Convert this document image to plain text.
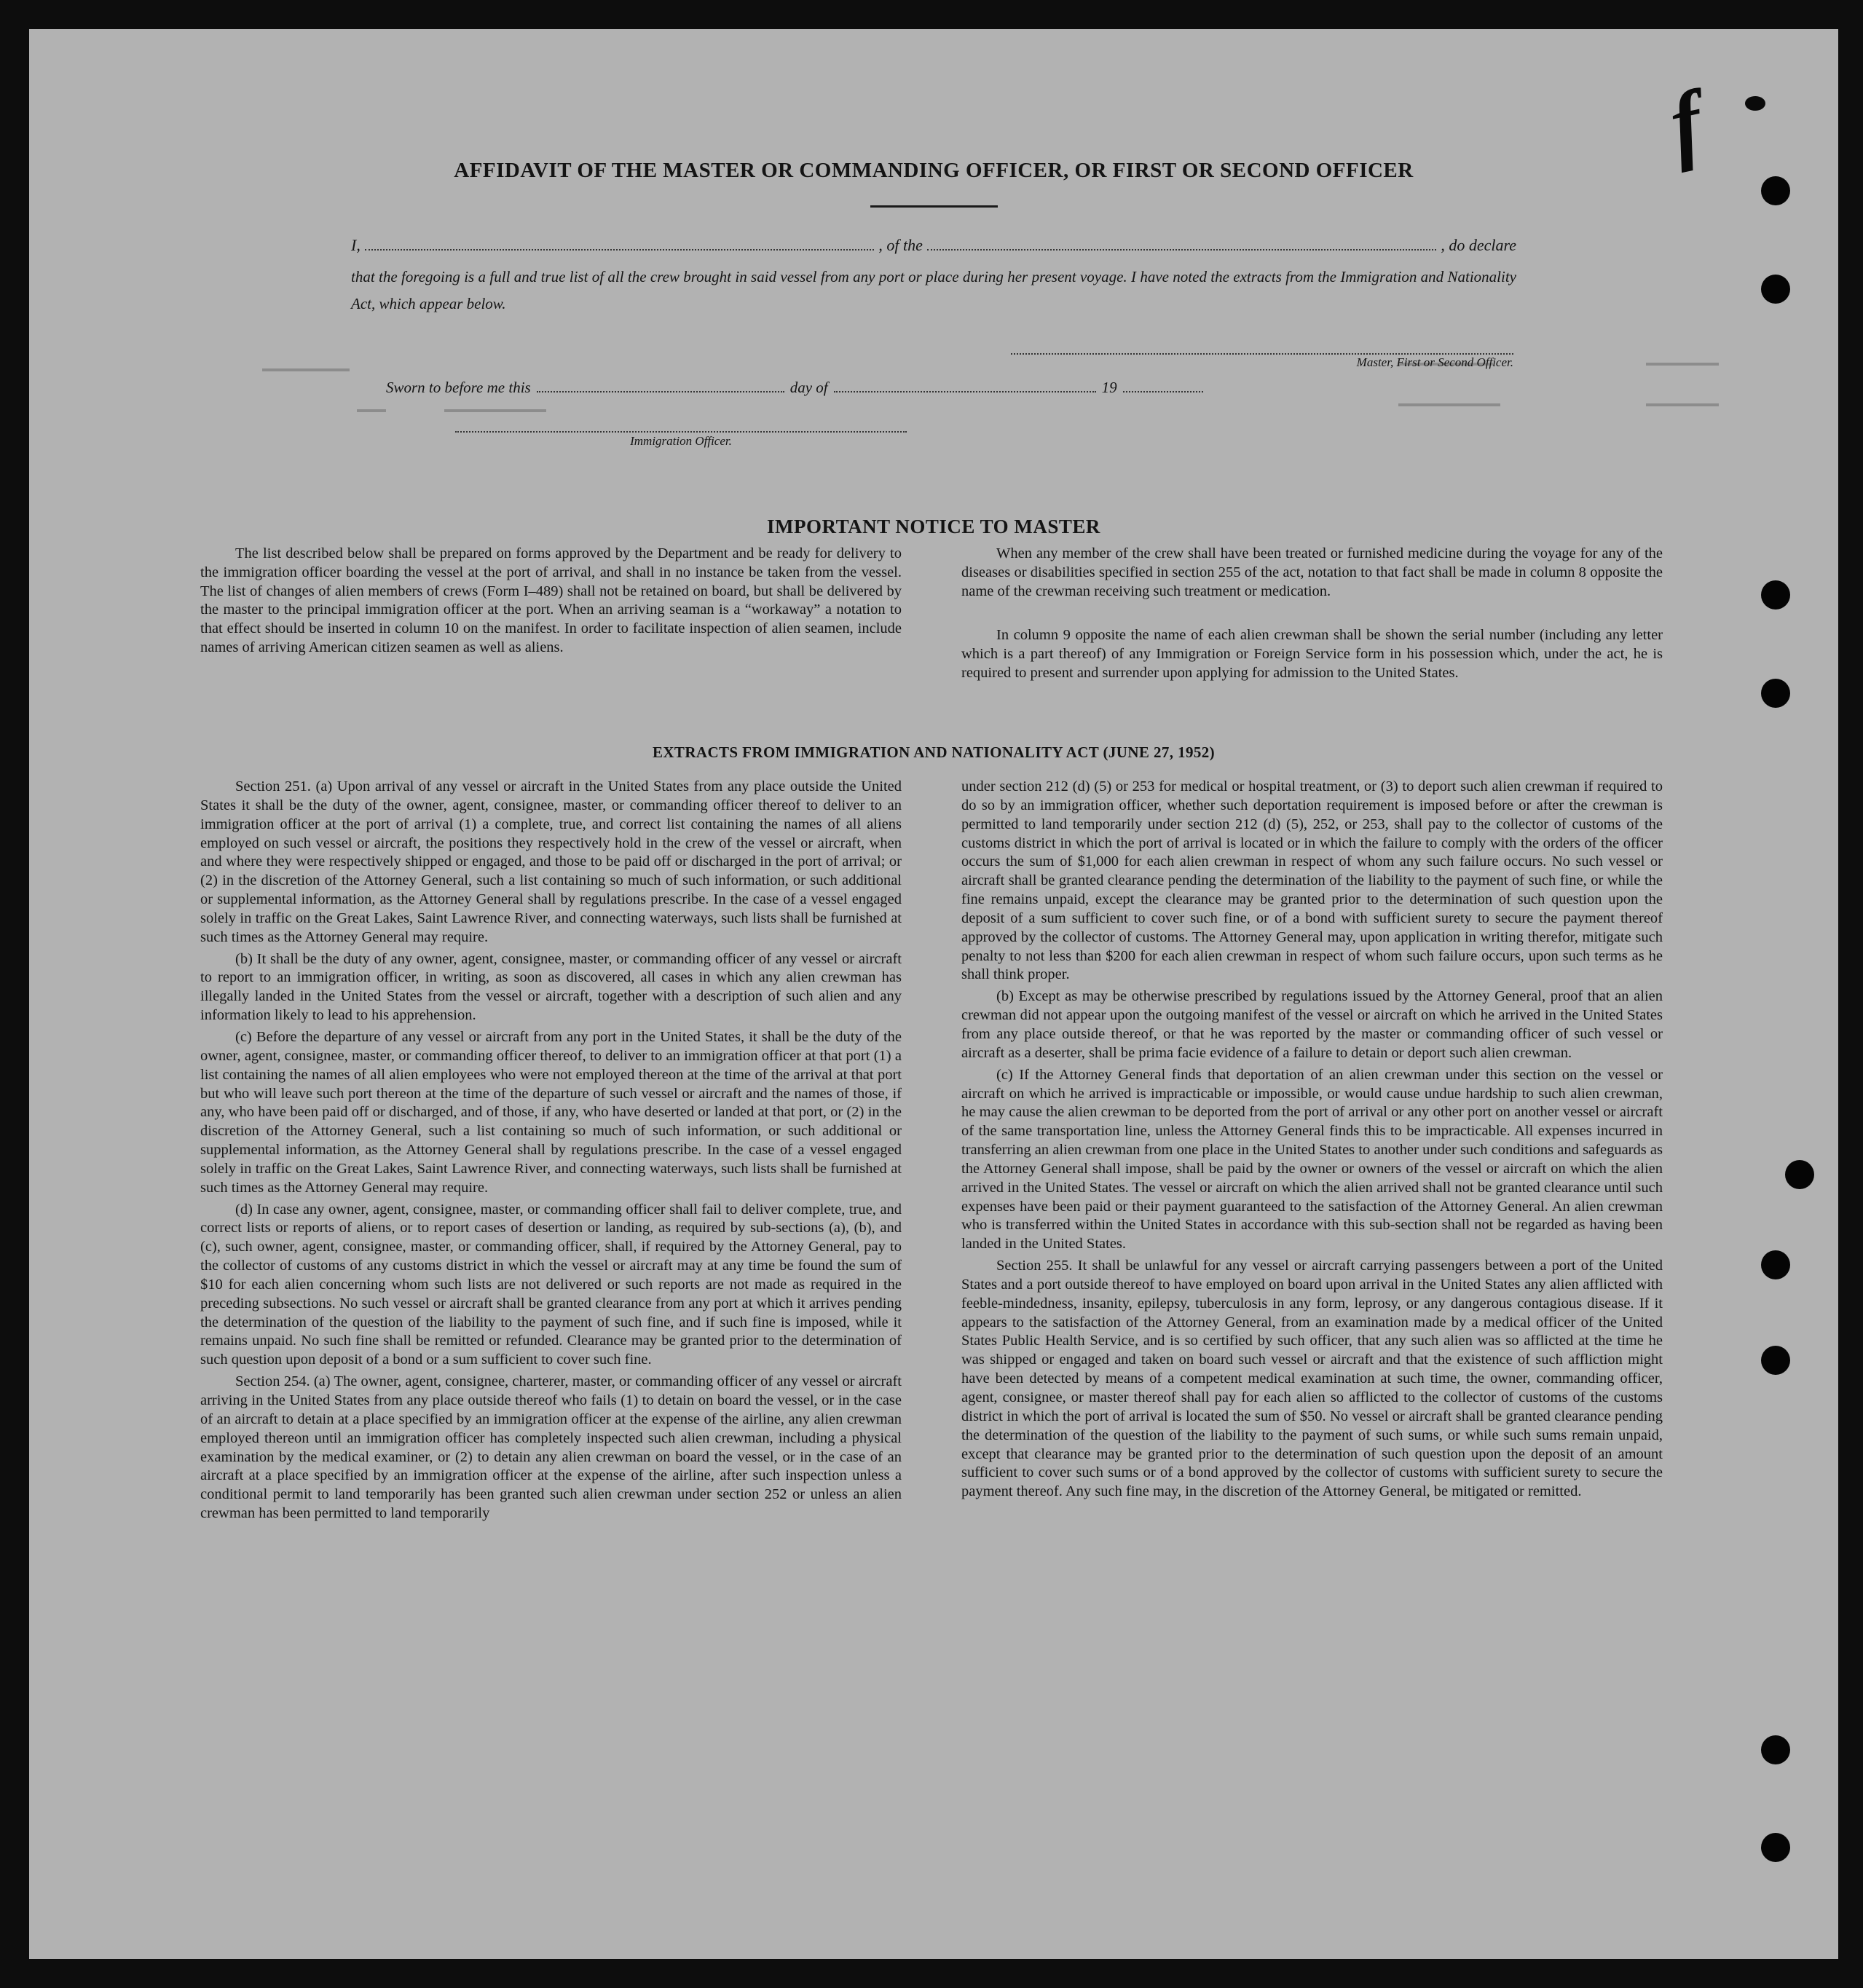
f
AFFIDAVIT OF THE MASTER OR COMMANDING OFFICER, OR FIRST OR SECOND OFFICER
I,	, of the	, do declare
that the foregoing is a full and true list of all the crew brought in said vessel from any port or place during her present voyage. I have noted the extracts from the Immigration and Nationality Act, which appear below.
Master, First or Second Officer.
Sworn to before me this	day of	19
Immigration Officer.
IMPORTANT NOTICE TO MASTER
The list described below shall be prepared on forms approved by the Department and be ready for delivery to the immigration officer boarding the vessel at the port of arrival, and shall in no instance be taken from the vessel. The list of changes of alien members of crews (Form I–489) shall not be retained on board, but shall be delivered by the master to the principal immigration officer at the port. When an arriving seaman is a “workaway” a notation to that effect should be inserted in column 10 on the manifest. In order to facilitate inspection of alien seamen, include names of arriving American citizen seamen as well as aliens.
When any member of the crew shall have been treated or furnished medicine during the voyage for any of the diseases or disabilities specified in section 255 of the act, notation to that fact shall be made in column 8 opposite the name of the crewman receiving such treatment or medication.
In column 9 opposite the name of each alien crewman shall be shown the serial number (including any letter which is a part thereof) of any Immigration or Foreign Service form in his possession which, under the act, he is required to present and surrender upon applying for admission to the United States.
EXTRACTS FROM IMMIGRATION AND NATIONALITY ACT (JUNE 27, 1952)

Section 251. (a) Upon arrival of any vessel or aircraft in the United States from any place outside the United States it shall be the duty of the owner, agent, consignee, master, or commanding officer thereof to deliver to an immigration officer at the port of arrival (1) a complete, true, and correct list containing the names of all aliens employed on such vessel or aircraft, the positions they respectively hold in the crew of the vessel or aircraft, when and where they were respectively shipped or engaged, and those to be paid off or discharged in the port of arrival; or (2) in the discretion of the Attorney General, such a list containing so much of such information, or such additional or supplemental information, as the Attorney General shall by regulations prescribe. In the case of a vessel engaged solely in traffic on the Great Lakes, Saint Lawrence River, and connecting waterways, such lists shall be furnished at such times as the Attorney General may require.

(b) It shall be the duty of any owner, agent, consignee, master, or commanding officer of any vessel or aircraft to report to an immigration officer, in writing, as soon as discovered, all cases in which any alien crewman has illegally landed in the United States from the vessel or aircraft, together with a description of such alien and any information likely to lead to his apprehension.

(c) Before the departure of any vessel or aircraft from any port in the United States, it shall be the duty of the owner, agent, consignee, master, or commanding officer thereof, to deliver to an immigration officer at that port (1) a list containing the names of all alien employees who were not employed thereon at the time of the arrival at that port but who will leave such port thereon at the time of the departure of such vessel or aircraft and the names of those, if any, who have been paid off or discharged, and of those, if any, who have deserted or landed at that port, or (2) in the discretion of the Attorney General, such a list containing so much of such information, or such additional or supplemental information, as the Attorney General shall by regulations prescribe. In the case of a vessel engaged solely in traffic on the Great Lakes, Saint Lawrence River, and connecting waterways, such lists shall be furnished at such times as the Attorney General may require.

(d) In case any owner, agent, consignee, master, or commanding officer shall fail to deliver complete, true, and correct lists or reports of aliens, or to report cases of desertion or landing, as required by sub-sections (a), (b), and (c), such owner, agent, consignee, master, or commanding officer, shall, if required by the Attorney General, pay to the collector of customs of any customs district in which the vessel or aircraft may at any time be found the sum of $10 for each alien concerning whom such lists are not delivered or such reports are not made as required in the preceding subsections. No such vessel or aircraft shall be granted clearance from any port at which it arrives pending the determination of the question of the liability to the payment of such fine, and if such fine is imposed, while it remains unpaid. No such fine shall be remitted or refunded. Clearance may be granted prior to the determination of such question upon deposit of a bond or a sum sufficient to cover such fine.

Section 254. (a) The owner, agent, consignee, charterer, master, or commanding officer of any vessel or aircraft arriving in the United States from any place outside thereof who fails (1) to detain on board the vessel, or in the case of an aircraft to detain at a place specified by an immigration officer at the expense of the airline, any alien crewman employed thereon until an immigration officer has completely inspected such alien crewman, including a physical examination by the medical examiner, or (2) to detain any alien crewman on board the vessel, or in the case of an aircraft at a place specified by an immigration officer at the expense of the airline, after such inspection unless a conditional permit to land temporarily has been granted such alien crewman under section 252 or unless an alien crewman has been permitted to land temporarily

under section 212 (d) (5) or 253 for medical or hospital treatment, or (3) to deport such alien crewman if required to do so by an immigration officer, whether such deportation requirement is imposed before or after the crewman is permitted to land temporarily under section 212 (d) (5), 252, or 253, shall pay to the collector of customs of the customs district in which the port of arrival is located or in which the failure to comply with the orders of the officer occurs the sum of $1,000 for each alien crewman in respect of whom any such failure occurs. No such vessel or aircraft shall be granted clearance pending the determination of the liability to the payment of such fine, or while the fine remains unpaid, except the clearance may be granted prior to the determination of such question upon the deposit of a sum sufficient to cover such fine, or of a bond with sufficient surety to secure the payment thereof approved by the collector of customs. The Attorney General may, upon application in writing therefor, mitigate such penalty to not less than $200 for each alien crewman in respect of whom such failure occurs, upon such terms as he shall think proper.

(b) Except as may be otherwise prescribed by regulations issued by the Attorney General, proof that an alien crewman did not appear upon the outgoing manifest of the vessel or aircraft on which he arrived in the United States from any place outside thereof, or that he was reported by the master or commanding officer of such vessel or aircraft as a deserter, shall be prima facie evidence of a failure to detain or deport such alien crewman.

(c) If the Attorney General finds that deportation of an alien crewman under this section on the vessel or aircraft on which he arrived is impracticable or impossible, or would cause undue hardship to such alien crewman, he may cause the alien crewman to be deported from the port of arrival or any other port on another vessel or aircraft of the same transportation line, unless the Attorney General finds this to be impracticable. All expenses incurred in transferring an alien crewman from one place in the United States to another under such conditions and safeguards as the Attorney General shall impose, shall be paid by the owner or owners of the vessel or aircraft on which the alien arrived in the United States. The vessel or aircraft on which the alien arrived shall not be granted clearance until such expenses have been paid or their payment guaranteed to the satisfaction of the Attorney General. An alien crewman who is transferred within the United States in accordance with this sub-section shall not be regarded as having been landed in the United States.

Section 255. It shall be unlawful for any vessel or aircraft carrying passengers between a port of the United States and a port outside thereof to have employed on board upon arrival in the United States any alien afflicted with feeble-mindedness, insanity, epilepsy, tuberculosis in any form, leprosy, or any dangerous contagious disease. If it appears to the satisfaction of the Attorney General, from an examination made by a medical officer of the United States Public Health Service, and is so certified by such officer, that any such alien was so afflicted at the time he was shipped or engaged and taken on board such vessel or aircraft and that the existence of such affliction might have been detected by means of a competent medical examination at such time, the owner, commanding officer, agent, consignee, or master thereof shall pay for each alien so afflicted to the collector of customs of the customs district in which the port of arrival is located the sum of $50. No vessel or aircraft shall be granted clearance pending the determination of the question of the liability to the payment of such sums, or while such sums remain unpaid, except that clearance may be granted prior to the determination of such question upon the deposit of an amount sufficient to cover such sums or of a bond approved by the collector of customs with sufficient surety to secure the payment thereof. Any such fine may, in the discretion of the Attorney General, be mitigated or remitted.
